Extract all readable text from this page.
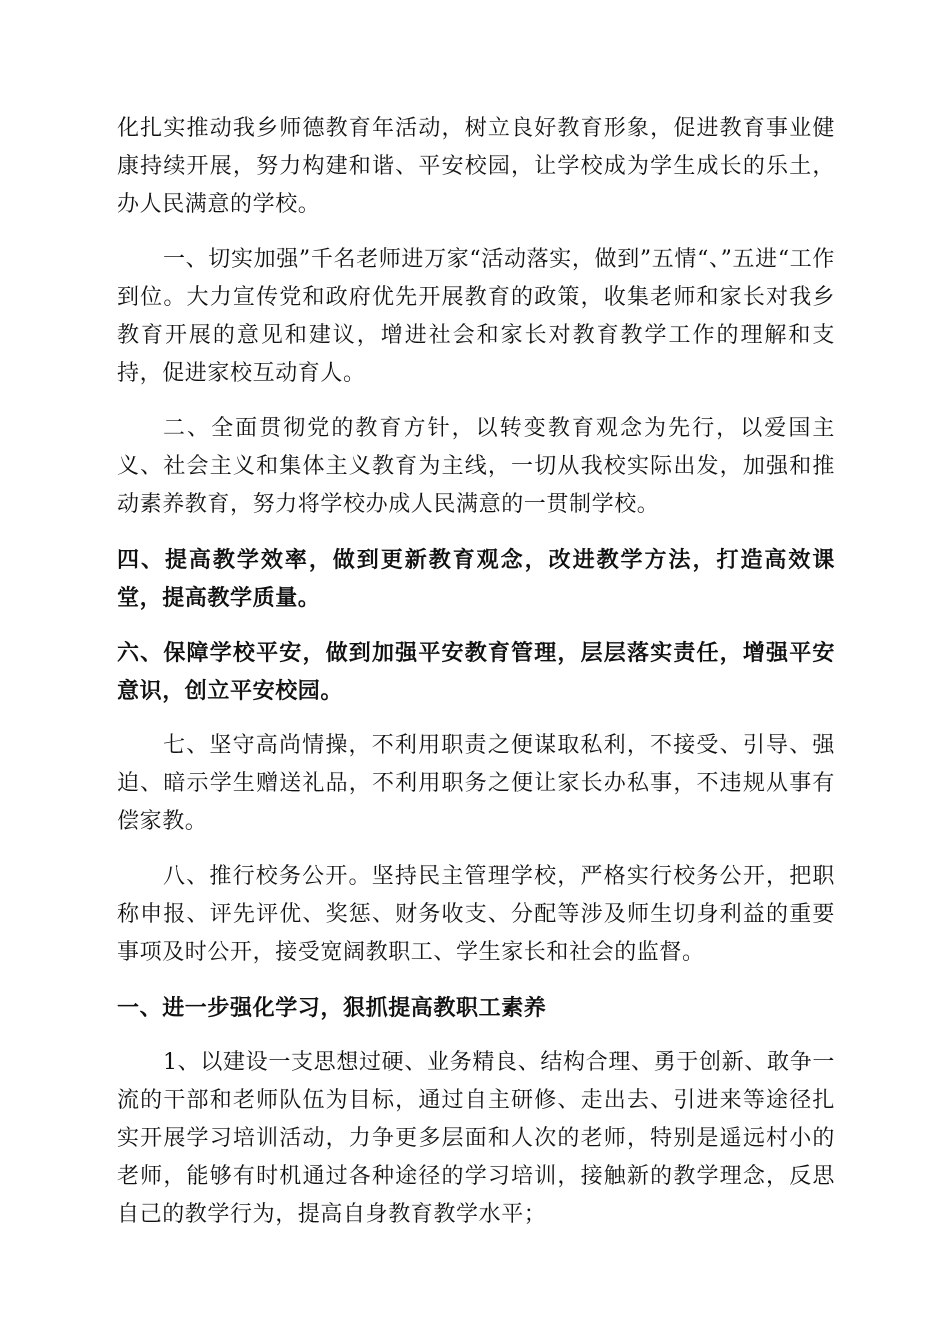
化扎实推动我乡师德教育年活动，树立良好教育形象，促进教育事业健康持续开展，努力构建和谐、平安校园，让学校成为学生成长的乐土，办人民满意的学校。

一、切实加强”千名老师进万家“活动落实，做到”五情“、”五进“工作到位。大力宣传党和政府优先开展教育的政策，收集老师和家长对我乡教育开展的意见和建议，增进社会和家长对教育教学工作的理解和支持，促进家校互动育人。

二、全面贯彻党的教育方针，以转变教育观念为先行，以爱国主义、社会主义和集体主义教育为主线，一切从我校实际出发，加强和推动素养教育，努力将学校办成人民满意的一贯制学校。

四、提高教学效率，做到更新教育观念，改进教学方法，打造高效课堂，提高教学质量。

六、保障学校平安，做到加强平安教育管理，层层落实责任，增强平安意识，创立平安校园。

七、坚守高尚情操，不利用职责之便谋取私利，不接受、引导、强迫、暗示学生赠送礼品，不利用职务之便让家长办私事，不违规从事有偿家教。

八、推行校务公开。坚持民主管理学校，严格实行校务公开，把职称申报、评先评优、奖惩、财务收支、分配等涉及师生切身利益的重要事项及时公开，接受宽阔教职工、学生家长和社会的监督。

一、进一步强化学习，狠抓提高教职工素养

1、以建设一支思想过硬、业务精良、结构合理、勇于创新、敢争一流的干部和老师队伍为目标，通过自主研修、走出去、引进来等途径扎实开展学习培训活动，力争更多层面和人次的老师，特别是遥远村小的老师，能够有时机通过各种途径的学习培训，接触新的教学理念，反思自己的教学行为，提高自身教育教学水平；
